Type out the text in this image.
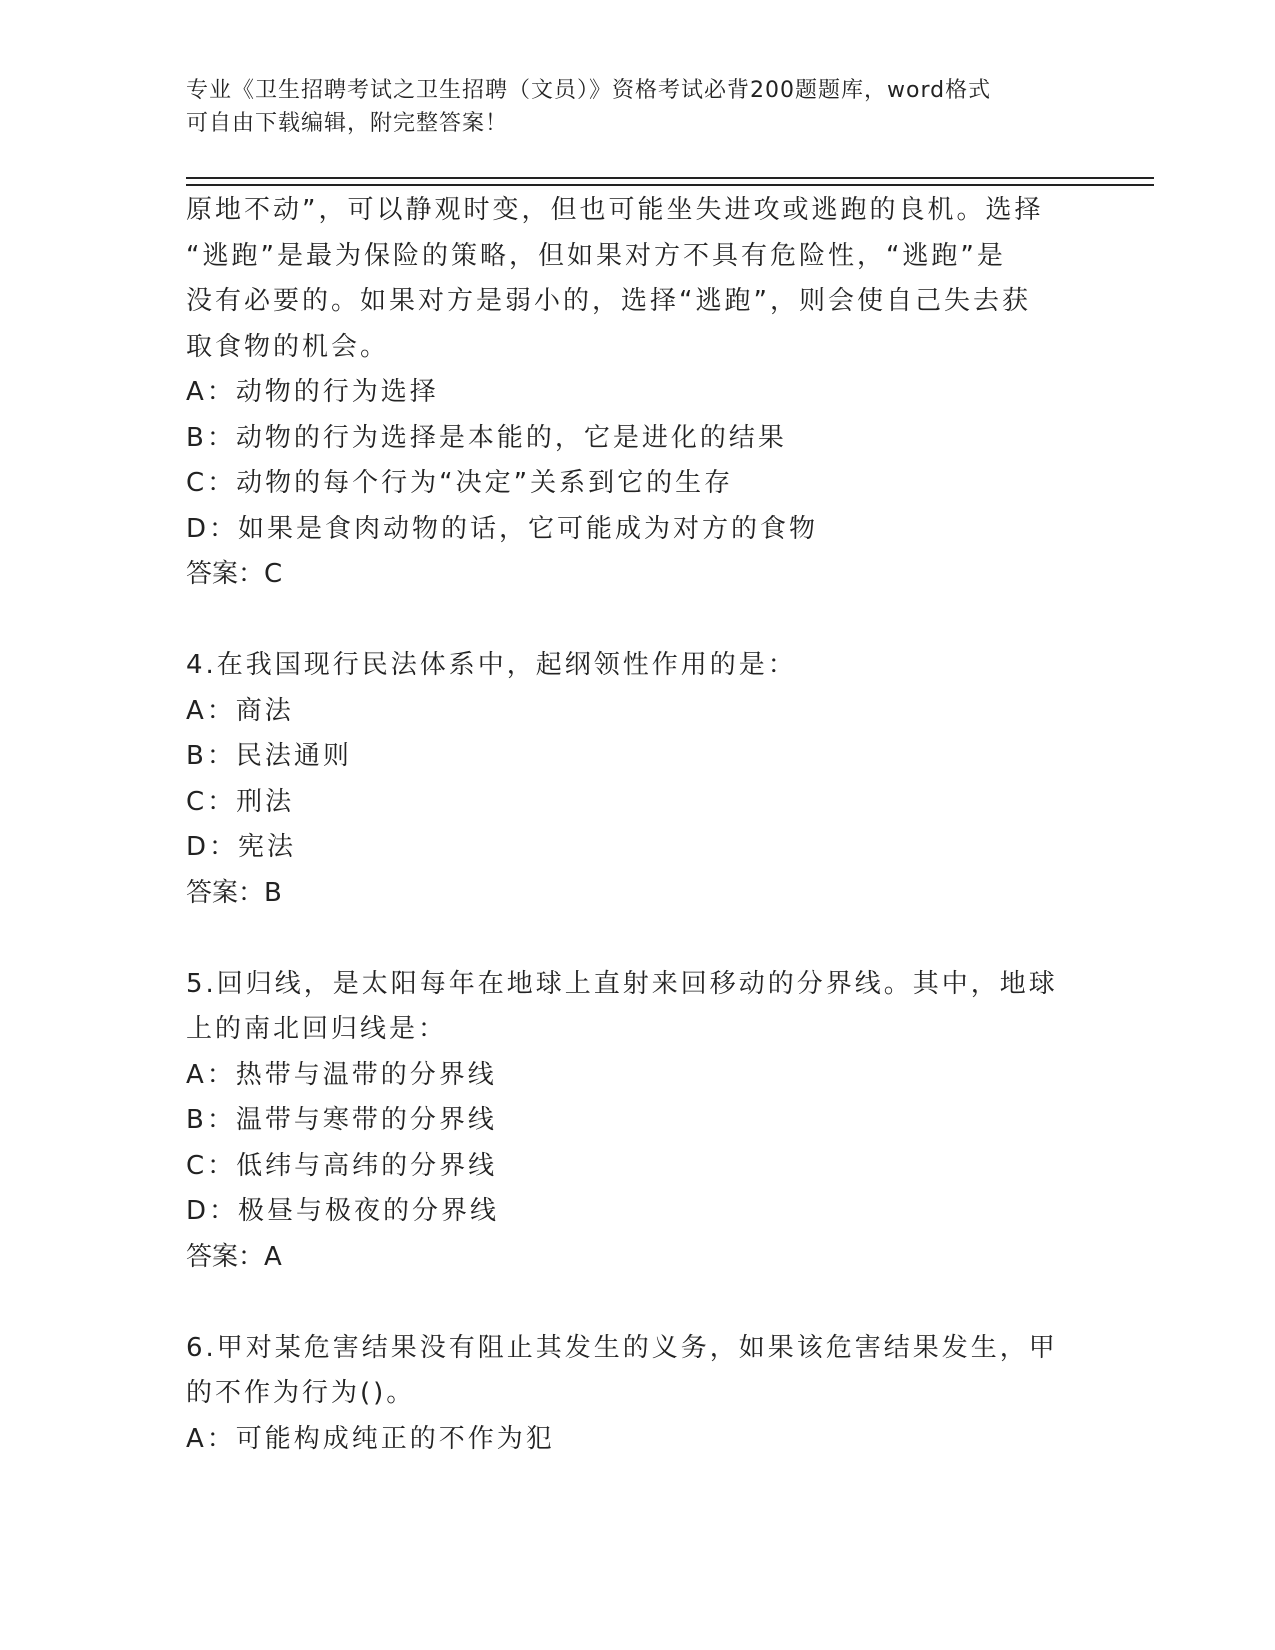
专业《卫生招聘考试之卫生招聘（文员）》资格考试必背200题题库，word格式
可自由下载编辑，附完整答案！
原地不动”，可以静观时变，但也可能坐失进攻或逃跑的良机。选择
“逃跑”是最为保险的策略，但如果对方不具有危险性，“逃跑”是
没有必要的。如果对方是弱小的，选择“逃跑”，则会使自己失去获
取食物的机会。
A：动物的行为选择
B：动物的行为选择是本能的，它是进化的结果
C：动物的每个行为“决定”关系到它的生存
D：如果是食肉动物的话，它可能成为对方的食物
答案：C
4.在我国现行民法体系中，起纲领性作用的是：
A：商法
B：民法通则
C：刑法
D：宪法
答案：B
5.回归线，是太阳每年在地球上直射来回移动的分界线。其中，地球
上的南北回归线是：
A：热带与温带的分界线
B：温带与寒带的分界线
C：低纬与高纬的分界线
D：极昼与极夜的分界线
答案：A
6.甲对某危害结果没有阻止其发生的义务，如果该危害结果发生，甲
的不作为行为()。
A：可能构成纯正的不作为犯
